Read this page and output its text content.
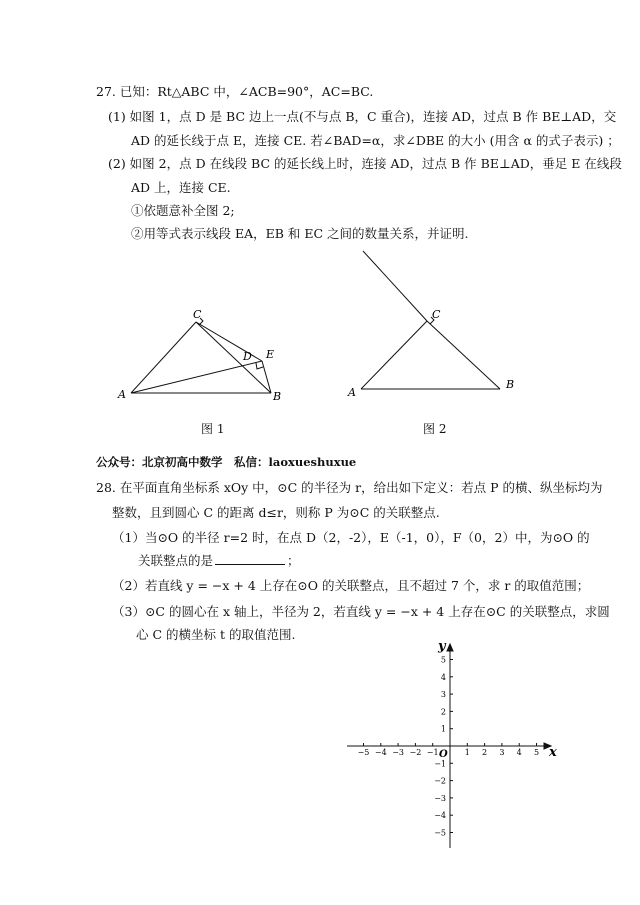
27. 已知：Rt△ABC 中，∠ACB=90°，AC=BC.
(1) 如图 1，点 D 是 BC 边上一点(不与点 B，C 重合)，连接 AD，过点 B 作 BE⊥AD，交
AD 的延长线于点 E，连接 CE. 若∠BAD=α，求∠DBE 的大小 (用含 α 的式子表示) ；
(2) 如图 2，点 D 在线段 BC 的延长线上时，连接 AD，过点 B 作 BE⊥AD，垂足 E 在线段
AD 上，连接 CE.
①依题意补全图 2;
②用等式表示线段 EA，EB 和 EC 之间的数量关系，并证明.
A	B
C
D E
A
B
C
图 1	图 2
公众号：北京初高中数学　私信：laoxueshuxue
28. 在平面直角坐标系 xOy 中，⊙C 的半径为 r，给出如下定义：若点 P 的横、纵坐标均为
整数，且到圆心 C 的距离 d≤r，则称 P 为⊙C 的关联整点.
（1）当⊙O 的半径 r=2 时，在点 D（2，-2），E（-1，0），F（0，2）中，为⊙O 的
关联整点的是	；
（2）若直线 y = −x + 4 上存在⊙O 的关联整点，且不超过 7 个，求 r 的取值范围；
（3）⊙C 的圆心在 x 轴上，半径为 2，若直线 y = −x + 4 上存在⊙C 的关联整点，求圆
心 C 的横坐标 t 的取值范围.
−5 −4 −3 −2 −1	1 2 3 4 5
5
4
3
2
1
−1
−2
−3
−4
−5
x
y
O
